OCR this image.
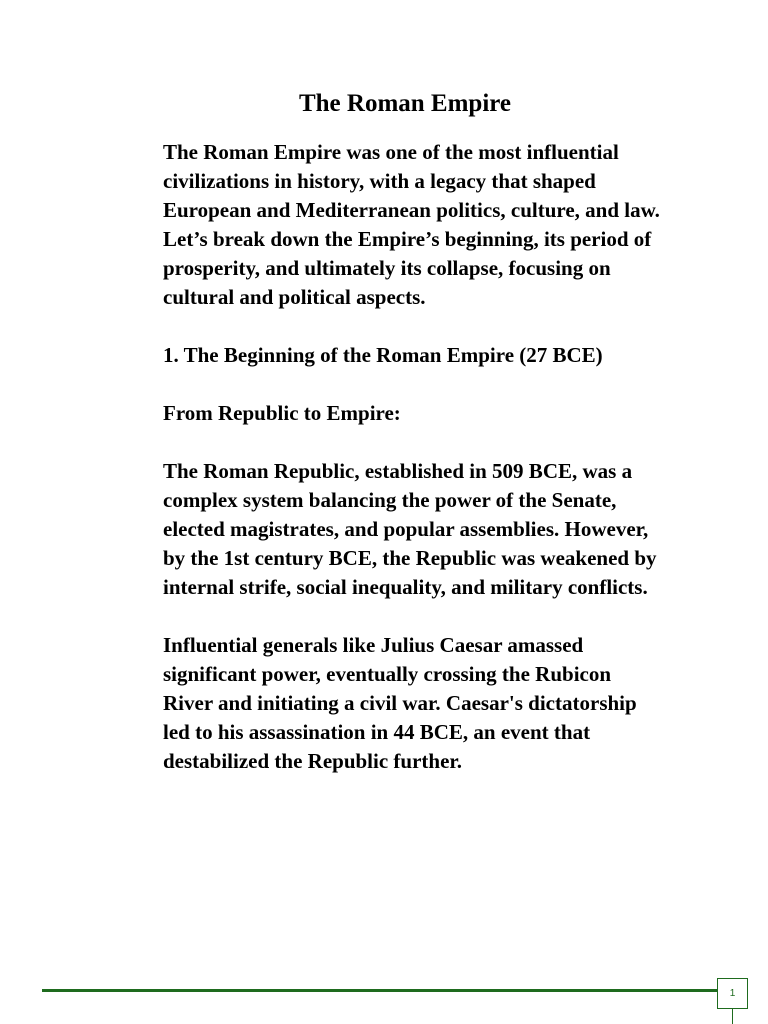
The Roman Empire

The Roman Empire was one of the most influential civilizations in history, with a legacy that shaped European and Mediterranean politics, culture, and law. Let’s break down the Empire’s beginning, its period of prosperity, and ultimately its collapse, focusing on cultural and political aspects.

1. The Beginning of the Roman Empire (27 BCE)

From Republic to Empire:

The Roman Republic, established in 509 BCE, was a complex system balancing the power of the Senate, elected magistrates, and popular assemblies. However, by the 1st century BCE, the Republic was weakened by internal strife, social inequality, and military conflicts.

Influential generals like Julius Caesar amassed significant power, eventually crossing the Rubicon River and initiating a civil war. Caesar's dictatorship led to his assassination in 44 BCE, an event that destabilized the Republic further.

1
